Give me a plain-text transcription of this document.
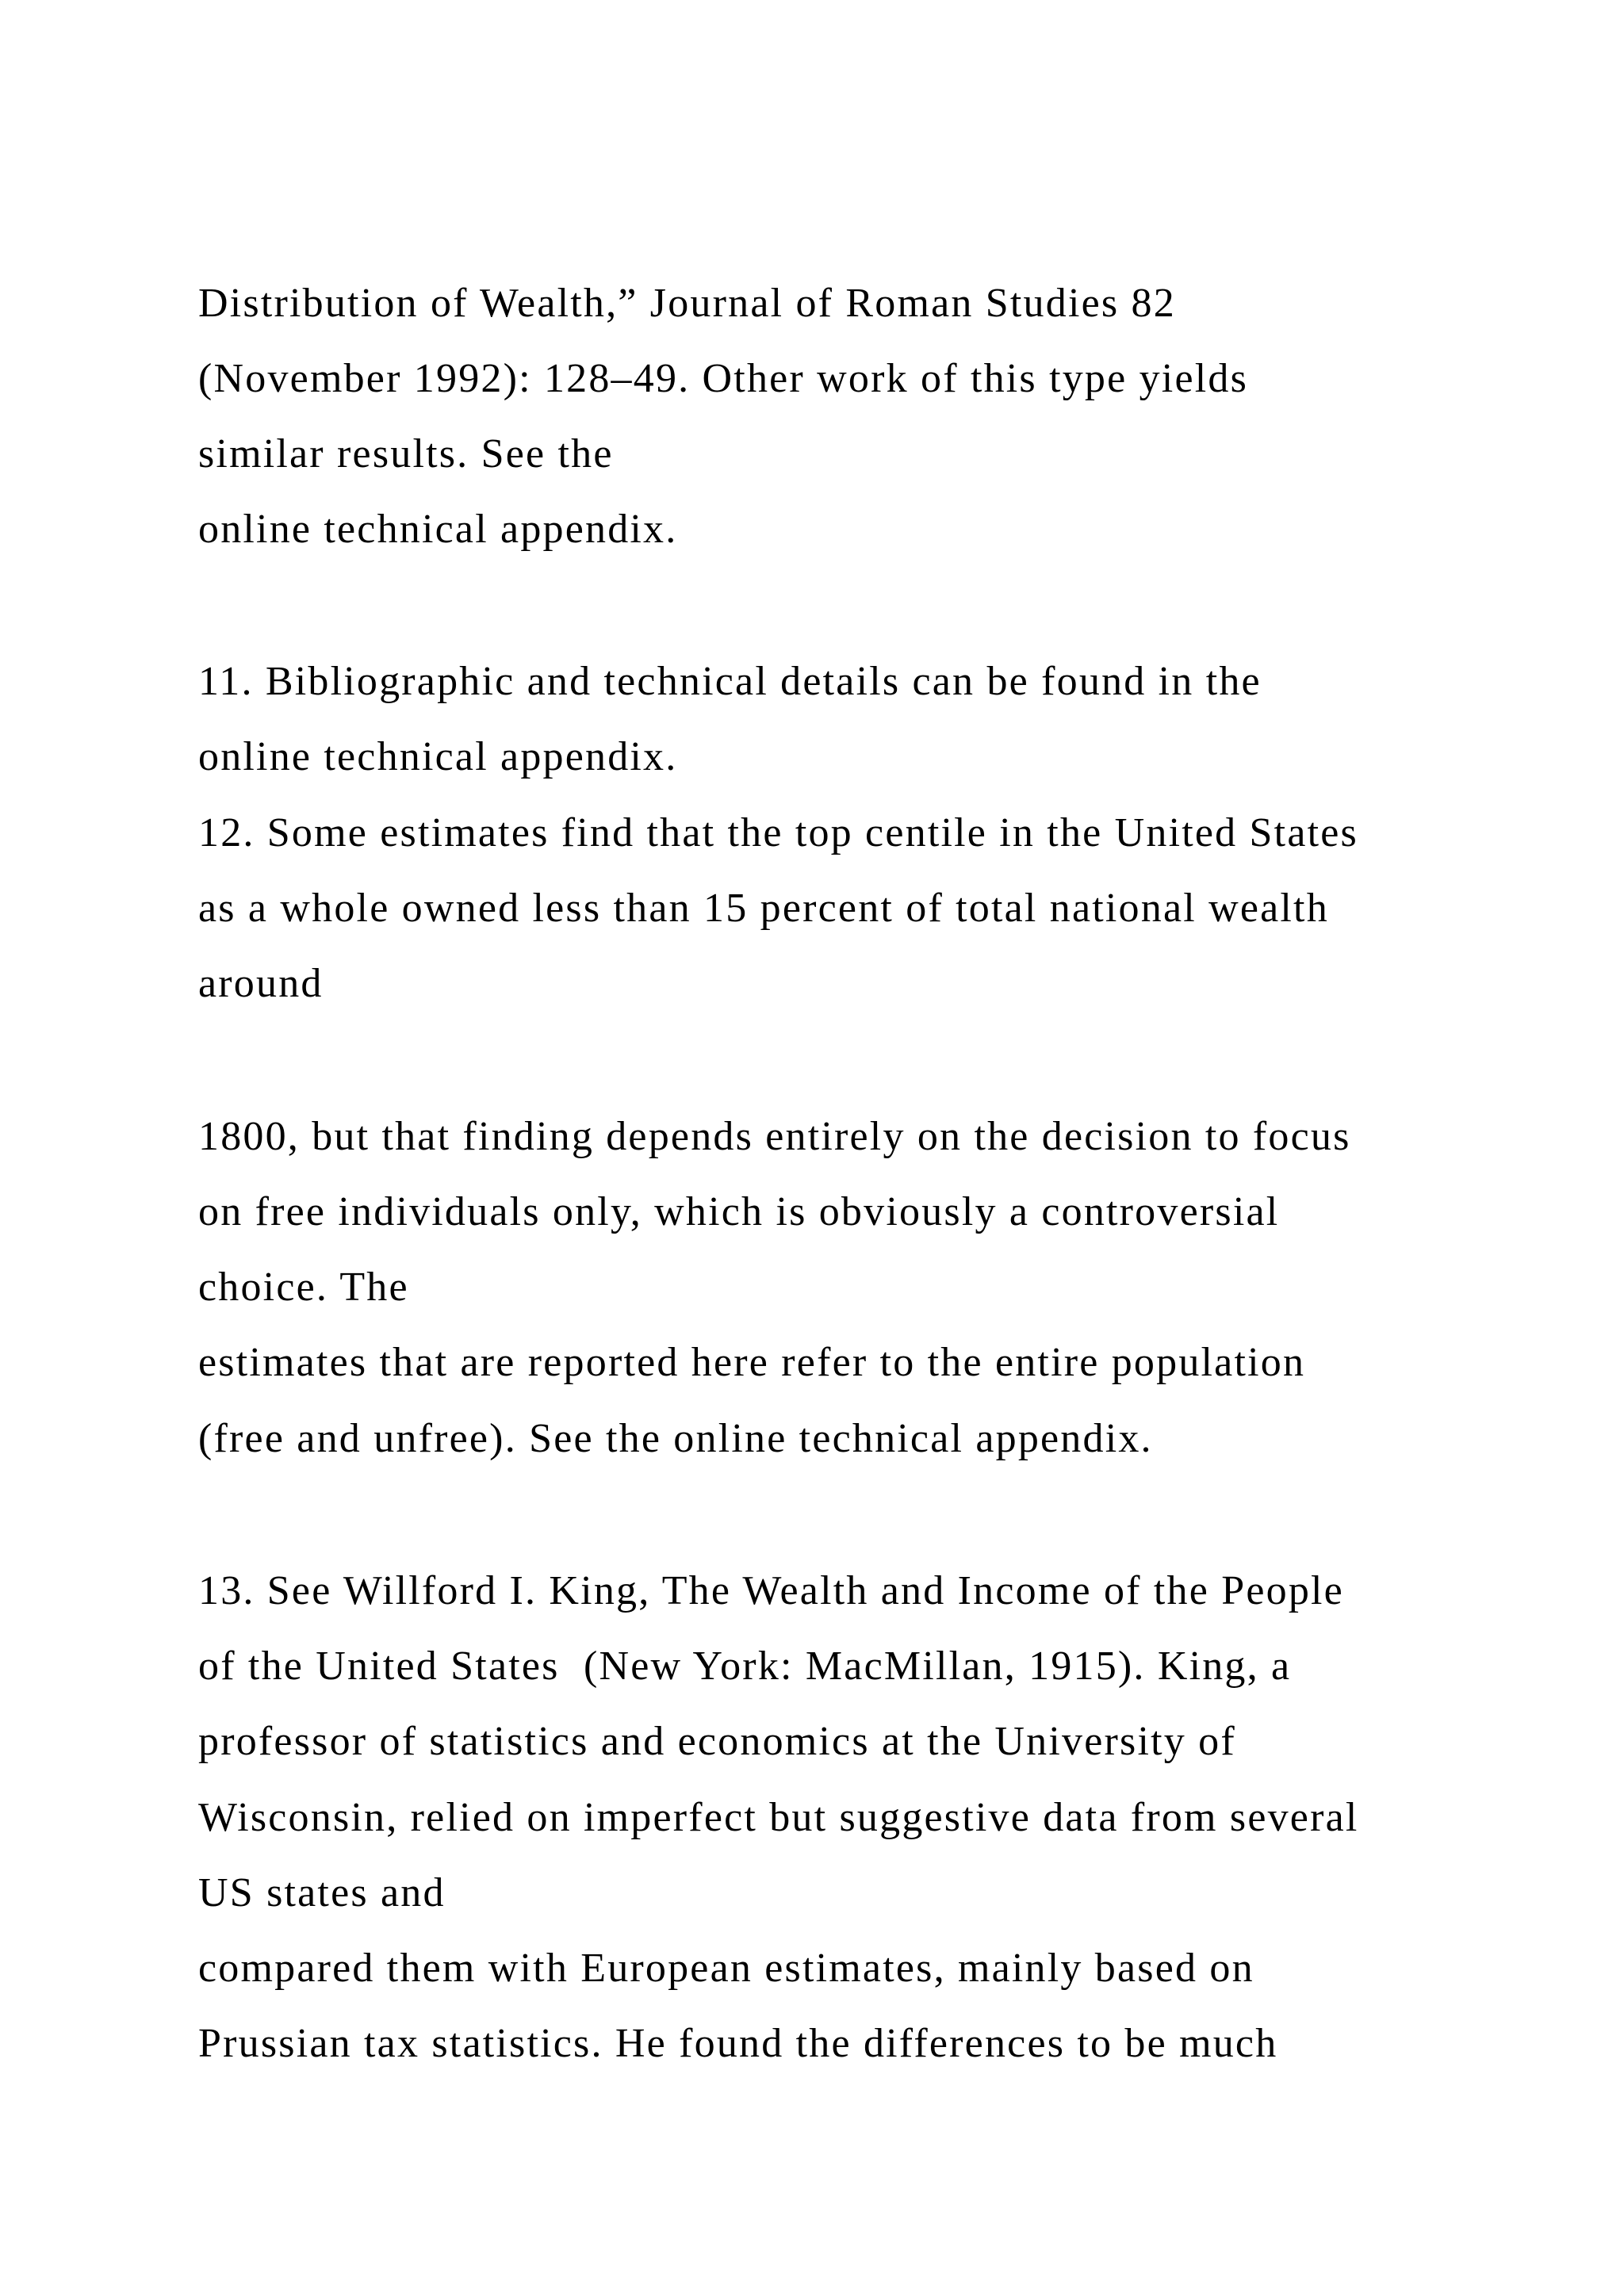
Distribution of Wealth,” Journal of Roman Studies 82
(November 1992): 128–49. Other work of this type yields
similar results. See the
online technical appendix.
11. Bibliographic and technical details can be found in the
online technical appendix.
12. Some estimates find that the top centile in the United States
as a whole owned less than 15 percent of total national wealth
around
1800, but that finding depends entirely on the decision to focus
on free individuals only, which is obviously a controversial
choice. The
estimates that are reported here refer to the entire population
(free and unfree). See the online technical appendix.
13. See Willford I. King, The Wealth and Income of the People
of the United States  (New York: MacMillan, 1915). King, a
professor of statistics and economics at the University of
Wisconsin, relied on imperfect but suggestive data from several
US states and
compared them with European estimates, mainly based on
Prussian tax statistics. He found the differences to be much
